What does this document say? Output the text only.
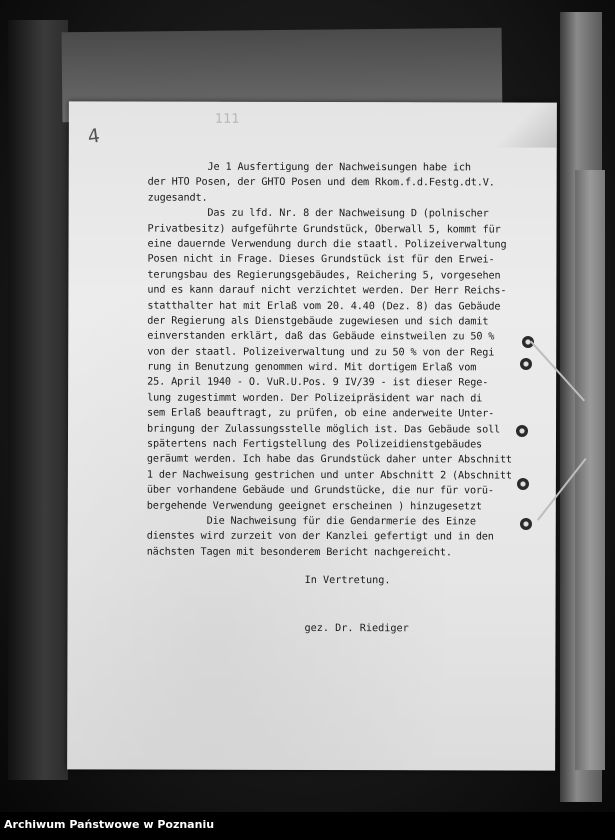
4
111
Je 1 Ausfertigung der Nachweisungen habe ich
der HTO Posen, der GHTO Posen und dem Rkom.f.d.Festg.dt.V.
zugesandt.
Das zu lfd. Nr. 8 der Nachweisung D (polnischer
Privatbesitz) aufgeführte Grundstück, Oberwall 5, kommt für
eine dauernde Verwendung durch die staatl. Polizeiverwaltung
Posen nicht in Frage. Dieses Grundstück ist für den Erwei-
terungsbau des Regierungsgebäudes, Reichering 5, vorgesehen
und es kann darauf nicht verzichtet werden. Der Herr Reichs-
statthalter hat mit Erlaß vom 20. 4.40 (Dez. 8) das Gebäude
der Regierung als Dienstgebäude zugewiesen und sich damit
einverstanden erklärt, daß das Gebäude einstweilen zu 50 %
von der staatl. Polizeiverwaltung und zu 50 % von der Regi
rung in Benutzung genommen wird. Mit dortigem Erlaß vom
25. April 1940 - O. VuR.U.Pos. 9 IV/39 - ist dieser Rege-
lung zugestimmt worden. Der Polizeipräsident war nach di
sem Erlaß beauftragt, zu prüfen, ob eine anderweite Unter-
bringung der Zulassungsstelle möglich ist. Das Gebäude soll
spätertens nach Fertigstellung des Polizeidienstgebäudes
geräumt werden. Ich habe das Grundstück daher unter Abschnitt
1 der Nachweisung gestrichen und unter Abschnitt 2 (Abschnitt
über vorhandene Gebäude und Grundstücke, die nur für vorü-
bergehende Verwendung geeignet erscheinen ) hinzugesetzt
Die Nachweisung für die Gendarmerie des Einze
dienstes wird zurzeit von der Kanzlei gefertigt und in den
nächsten Tagen mit besonderem Bericht nachgereicht.

In Vertretung.

gez. Dr. Riediger

Archiwum Państwowe w Poznaniu
